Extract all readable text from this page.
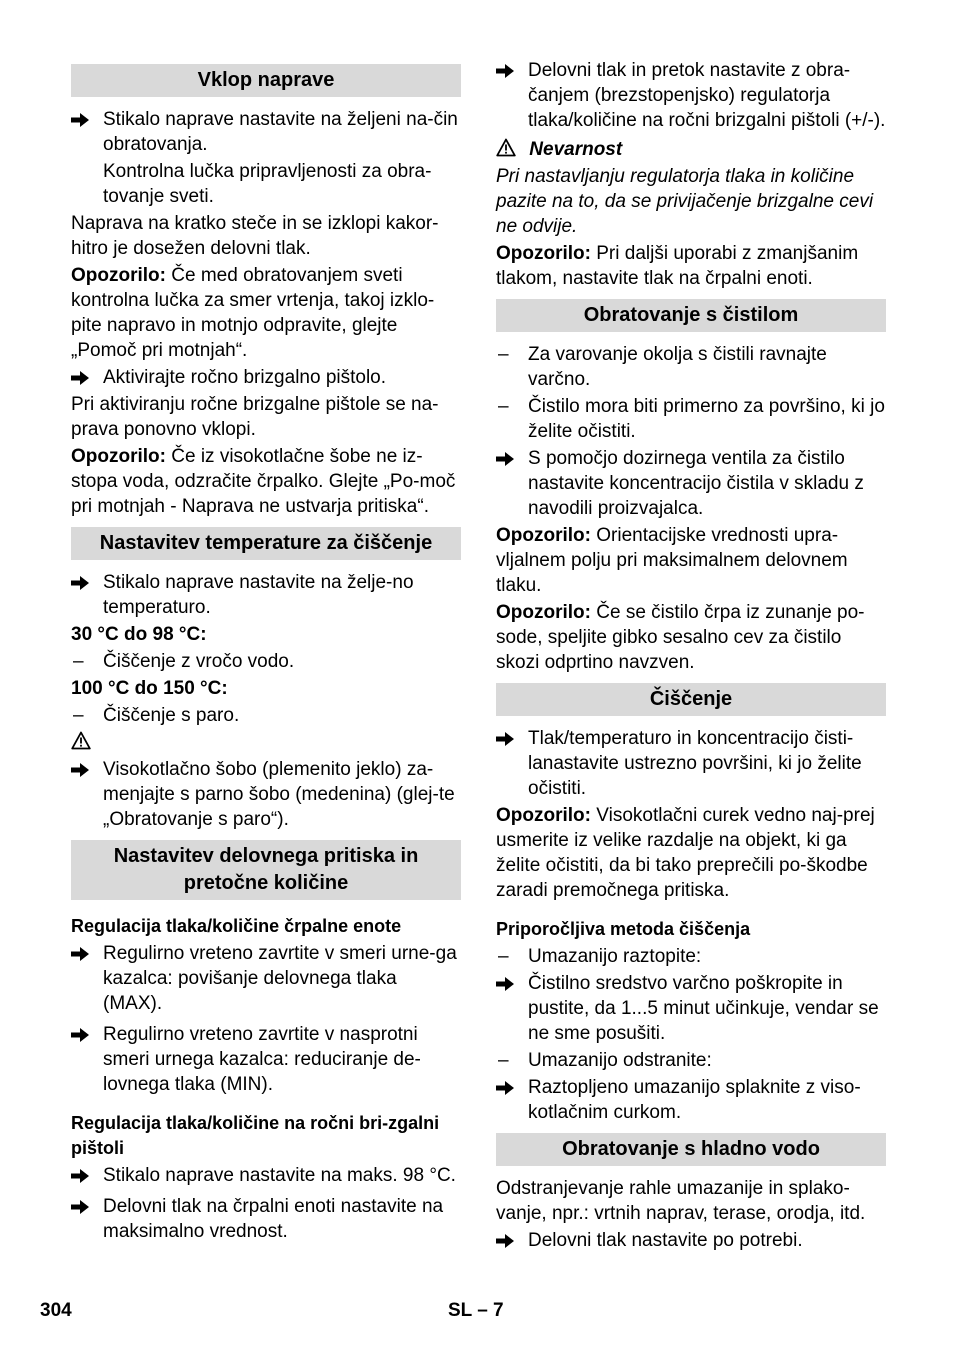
Vklop naprave
Stikalo naprave nastavite na željeni na-čin obratovanja.
Kontrolna lučka pripravljenosti za obra-tovanje sveti.
Naprava na kratko steče in se izklopi kakor-hitro je dosežen delovni tlak.
Opozorilo: Če med obratovanjem sveti kontrolna lučka za smer vrtenja, takoj izklo-pite napravo in motnjo odpravite, glejte „Pomoč pri motnjah“.
Aktivirajte ročno brizgalno pištolo.
Pri aktiviranju ročne brizgalne pištole se na-prava ponovno vklopi.
Opozorilo: Če iz visokotlačne šobe ne iz-stopa voda, odzračite črpalko. Glejte „Po-moč pri motnjah - Naprava ne ustvarja pritiska“.
Nastavitev temperature za čiščenje
Stikalo naprave nastavite na želje-no temperaturo.
30 °C do 98 °C:
–	Čiščenje z vročo vodo.
100 °C do 150 °C:
–	Čiščenje s paro.
Visokotlačno šobo (plemenito jeklo) za-menjajte s parno šobo (medenina) (glej-te „Obratovanje s paro“).
Nastavitev delovnega pritiska in pretočne količine
Regulacija tlaka/količine črpalne enote
Regulirno vreteno zavrtite v smeri urne-ga kazalca: povišanje delovnega tlaka (MAX).
Regulirno vreteno zavrtite v nasprotni smeri urnega kazalca: reduciranje de-lovnega tlaka (MIN).
Regulacija tlaka/količine na ročni bri-zgalni pištoli
Stikalo naprave nastavite na maks. 98 °C.
Delovni tlak na črpalni enoti nastavite na maksimalno vrednost.
Delovni tlak in pretok nastavite z obra-čanjem (brezstopenjsko) regulatorja tlaka/količine na ročni brizgalni pištoli (+/-).
Nevarnost
Pri nastavljanju regulatorja tlaka in količine pazite na to, da se privijačenje brizgalne cevi ne odvije.
Opozorilo: Pri daljši uporabi z zmanjšanim tlakom, nastavite tlak na črpalni enoti.
Obratovanje s čistilom
–	Za varovanje okolja s čistili ravnajte varčno.
–	Čistilo mora biti primerno za površino, ki jo želite očistiti.
S pomočjo dozirnega ventila za čistilo nastavite koncentracijo čistila v skladu z navodili proizvajalca.
Opozorilo: Orientacijske vrednosti upra-vljalnem polju pri maksimalnem delovnem tlaku.
Opozorilo: Če se čistilo črpa iz zunanje po-sode, speljite gibko sesalno cev za čistilo skozi odprtino navzven.
Čiščenje
Tlak/temperaturo in koncentracijo čisti-lanastavite ustrezno površini, ki jo želite očistiti.
Opozorilo: Visokotlačni curek vedno naj-prej usmerite iz velike razdalje na objekt, ki ga želite očistiti, da bi tako preprečili po-škodbe zaradi premočnega pritiska.
Priporočljiva metoda čiščenja
–	Umazanijo raztopite:
Čistilno sredstvo varčno poškropite in pustite, da 1...5 minut učinkuje, vendar se ne sme posušiti.
–	Umazanijo odstranite:
Raztopljeno umazanijo splaknite z viso-kotlačnim curkom.
Obratovanje s hladno vodo
Odstranjevanje rahle umazanije in splako-vanje, npr.: vrtnih naprav, terase, orodja, itd.
Delovni tlak nastavite po potrebi.
304	SL – 7
